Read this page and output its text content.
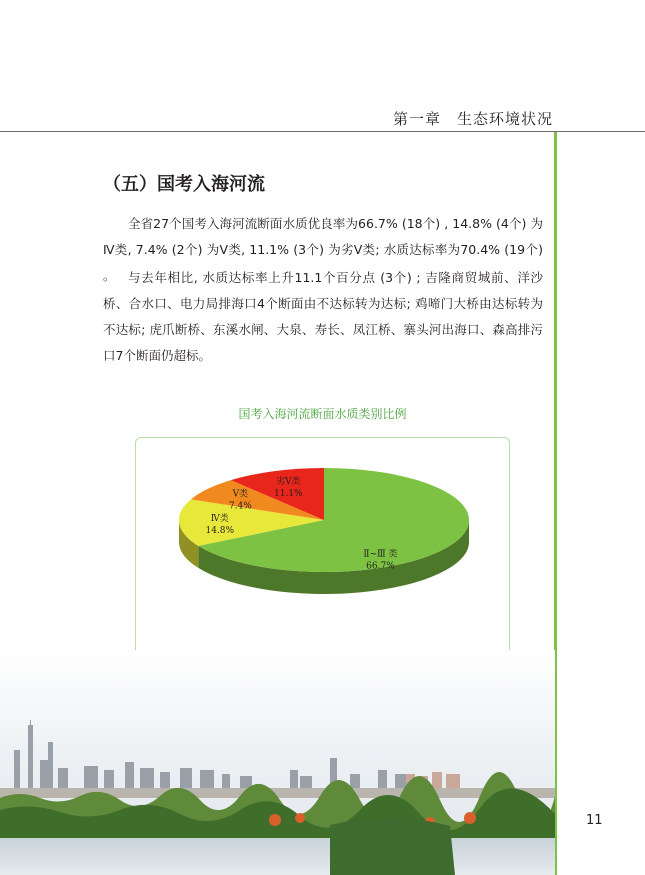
第一章　生态环境状况
（五）国考入海河流

全省27个国考入海河流断面水质优良率为66.7% (18个) , 14.8% (4个) 为Ⅳ类, 7.4% (2个) 为Ⅴ类, 11.1% (3个) 为劣Ⅴ类; 水质达标率为70.4% (19个) 。 与去年相比, 水质达标率上升11.1个百分点 (3个) ; 吉隆商贸城前、洋沙桥、合水口、电力局排海口4个断面由不达标转为达标; 鸡啼门大桥由达标转为不达标; 虎爪断桥、东溪水闸、大泉、寿长、凤江桥、寨头河出海口、森高排污口7个断面仍超标。

国考入海河流断面水质类别比例
Ⅱ~Ⅲ 类
66.7%
Ⅳ类
14.8%
Ⅴ类
7.4%
劣Ⅴ类
11.1%
11
